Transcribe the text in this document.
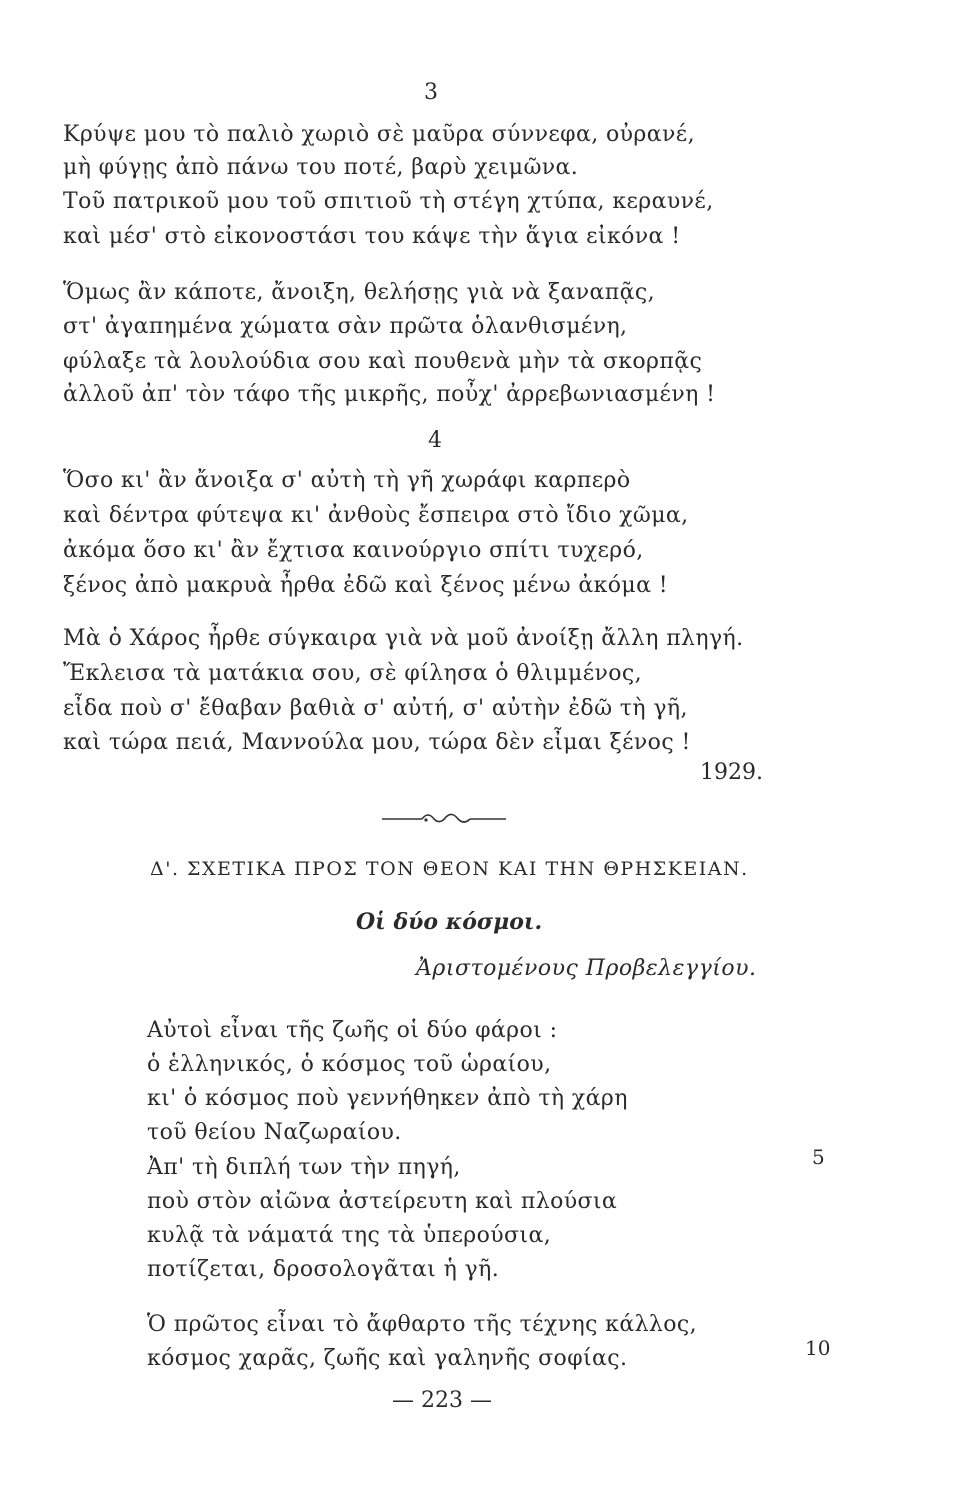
3
Κρύψε μου τὸ παλιὸ χωριὸ σὲ μαῦρα σύννεφα, οὐρανέ,
μὴ φύγῃς ἀπὸ πάνω του ποτέ, βαρὺ χειμῶνα.
Τοῦ πατρικοῦ μου τοῦ σπιτιοῦ τὴ στέγη χτύπα, κεραυνέ,
καὶ μέσ' στὸ εἰκονοστάσι του κάψε τὴν ἅγια εἰκόνα !
Ὅμως ἂν κάποτε, ἄνοιξη, θελήσῃς γιὰ νὰ ξαναπᾷς,
στ' ἀγαπημένα χώματα σὰν πρῶτα ὁλανθισμένη,
φύλαξε τὰ λουλούδια σου καὶ πουθενὰ μὴν τὰ σκορπᾷς
ἀλλοῦ ἀπ' τὸν τάφο τῆς μικρῆς, ποὖχ' ἀρρεβωνιασμένη !
4
Ὅσο κι' ἂν ἄνοιξα σ' αὐτὴ τὴ γῆ χωράφι καρπερὸ
καὶ δέντρα φύτεψα κι' ἀνθοὺς ἔσπειρα στὸ ἴδιο χῶμα,
ἀκόμα ὅσο κι' ἂν ἔχτισα καινούργιο σπίτι τυχερό,
ξένος ἀπὸ μακρυὰ ἦρθα ἐδῶ καὶ ξένος μένω ἀκόμα !
Μὰ ὁ Χάρος ἦρθε σύγκαιρα γιὰ νὰ μοῦ ἀνοίξῃ ἄλλη πληγή.
Ἔκλεισα τὰ ματάκια σου, σὲ φίλησα ὁ θλιμμένος,
εἶδα ποὺ σ' ἔθαβαν βαθιὰ σ' αὐτή, σ' αὐτὴν ἐδῶ τὴ γῆ,
καὶ τώρα πειά, Μαννούλα μου, τώρα δὲν εἶμαι ξένος !
1929.
Δ'. ΣΧΕΤΙΚΑ ΠΡΟΣ ΤΟΝ ΘΕΟΝ ΚΑΙ ΤΗΝ ΘΡΗΣΚΕΙΑΝ.
Οἱ δύο κόσμοι.
Ἀριστομένους Προβελεγγίου.
Αὐτοὶ εἶναι τῆς ζωῆς οἱ δύο φάροι :
ὁ ἑλληνικός, ὁ κόσμος τοῦ ὡραίου,
κι' ὁ κόσμος ποὺ γεννήθηκεν ἀπὸ τὴ χάρη
τοῦ θείου Ναζωραίου.
Ἀπ' τὴ διπλή των τὴν πηγή,	5
ποὺ στὸν αἰῶνα ἀστείρευτη καὶ πλούσια
κυλᾷ τὰ νάματά της τὰ ὑπερούσια,
ποτίζεται, δροσολογᾶται ἡ γῆ.
Ὁ πρῶτος εἶναι τὸ ἄφθαρτο τῆς τέχνης κάλλος,
κόσμος χαρᾶς, ζωῆς καὶ γαληνῆς σοφίας.	10
— 223 —
